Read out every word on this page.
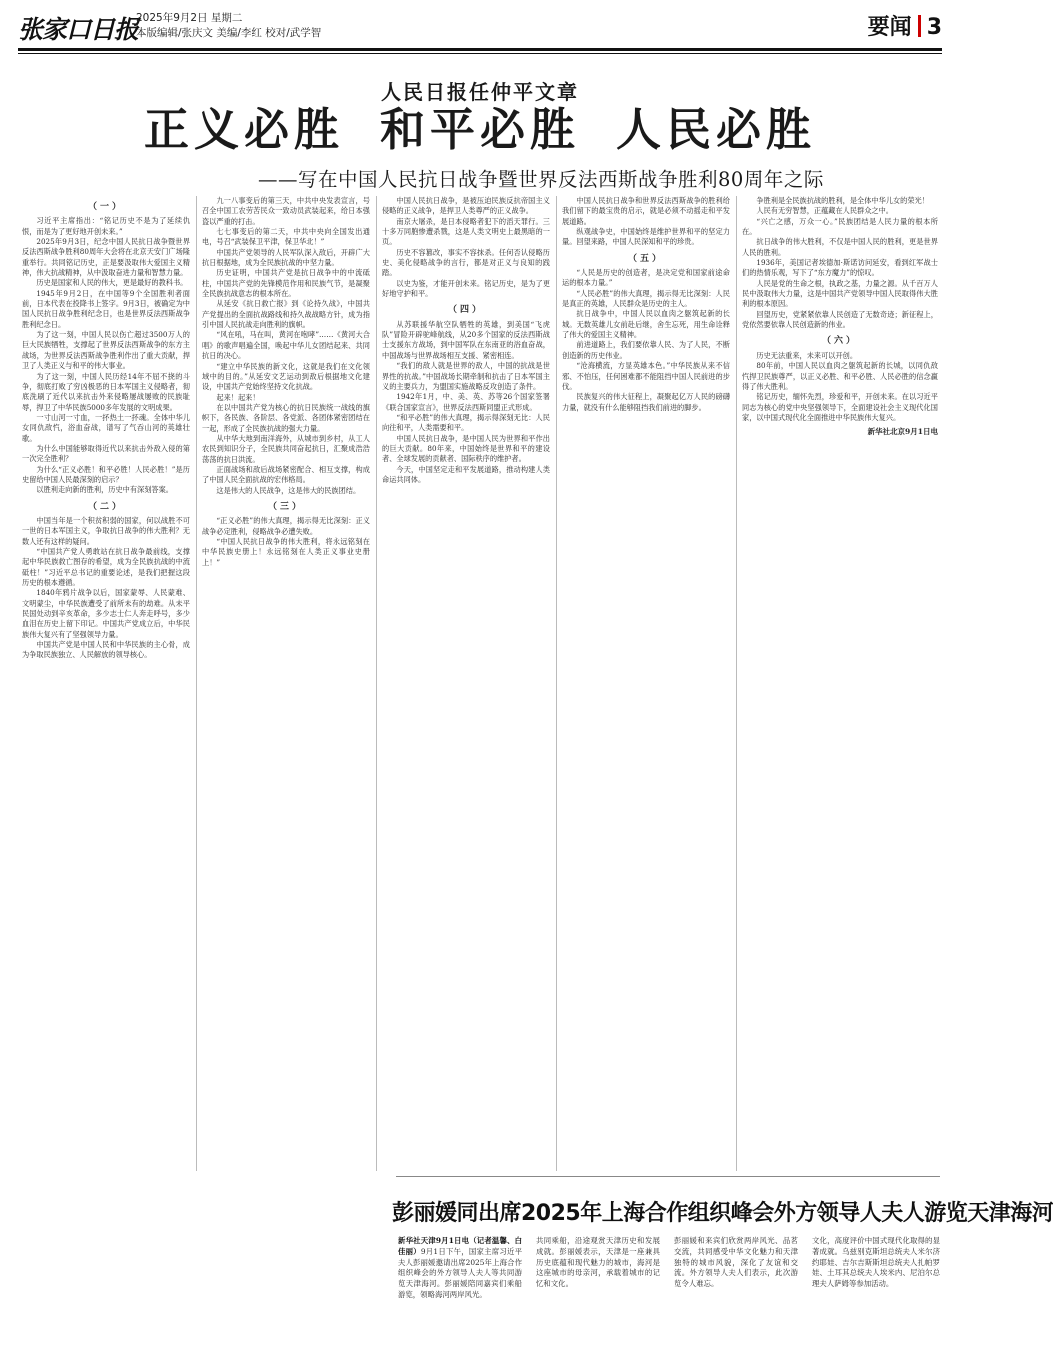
张家口日报
2025年9月2日 星期二
本版编辑/张庆文 美编/李红 校对/武学智	要闻 3
人民日报任仲平文章
正义必胜 和平必胜 人民必胜
——写在中国人民抗日战争暨世界反法西斯战争胜利80周年之际
（一）

习近平主席指出：“铭记历史不是为了延续仇恨，而是为了更好地开创未来。”

2025年9月3日，纪念中国人民抗日战争暨世界反法西斯战争胜利80周年大会将在北京天安门广场隆重举行。共同铭记历史，正是要汲取伟大爱国主义精神，伟大抗战精神，从中汲取奋进力量和智慧力量。

历史是国家和人民的伟大，更是最好的教科书。

1945年9月2日，在中国等9个全国胜利者面前，日本代表在投降书上签字。9月3日，被确定为中国人民抗日战争胜利纪念日，也是世界反法西斯战争胜利纪念日。

为了这一刻，中国人民以伤亡超过3500万人的巨大民族牺牲，支撑起了世界反法西斯战争的东方主战场，为世界反法西斯战争胜利作出了重大贡献，捍卫了人类正义与和平的伟大事业。

为了这一刻，中国人民历经14年不屈不挠的斗争，彻底打败了穷凶极恶的日本军国主义侵略者，彻底洗刷了近代以来抗击外来侵略屡战屡败的民族耻辱，捍卫了中华民族5000多年发展的文明成果。

一寸山河一寸血，一抔热土一抔魂。全体中华儿女同仇敌忾，浴血奋战，谱写了气吞山河的英雄壮歌。

为什么中国能够取得近代以来抗击外敌入侵的第一次完全胜利？

为什么“正义必胜！和平必胜！人民必胜！”是历史留给中国人民最深刻的启示？

以胜利走向新的胜利，历史中有深刻答案。

（二）

中国当年是一个积贫积弱的国家，何以战胜不可一世的日本军国主义，争取抗日战争的伟大胜利？无数人还有这样的疑问。

“中国共产党人勇敢站在抗日战争最前线，支撑起中华民族救亡图存的希望，成为全民族抗战的中流砥柱！”习近平总书记的重要论述，是我们把握这段历史的根本遵循。

1840年鸦片战争以后，国家蒙辱、人民蒙难、文明蒙尘，中华民族遭受了前所未有的劫难。从未平民国处动到辛亥革命，多少志士仁人奔走呼号，多少血泪在历史上留下印记。中国共产党成立后，中华民族伟大复兴有了坚强领导力量。

中国共产党是中国人民和中华民族的主心骨，成为争取民族独立、人民解放的领导核心。

九一八事变后的第三天，中共中央发表宣言，号召全中国工农劳苦民众一致动员武装起来，给日本强盗以严重的打击。

七七事变后的第二天，中共中央向全国发出通电，号召“武装保卫平津，保卫华北！”

中国共产党领导的人民军队深入敌后，开辟广大抗日根据地，成为全民族抗战的中坚力量。

历史证明，中国共产党是抗日战争中的中流砥柱，中国共产党的先锋模范作用和民族气节，是凝聚全民族抗战意志的根本所在。

从延安《抗日救亡报》到《论持久战》，中国共产党提出的全面抗战路线和持久战战略方针，成为指引中国人民抗战走向胜利的旗帜。

“风在吼，马在叫，黄河在咆哮”……《黄河大合唱》的歌声唱遍全国，唤起中华儿女团结起来、共同抗日的决心。

“建立中华民族的新文化，这就是我们在文化领域中的目的。”从延安文艺运动到敌后根据地文化建设，中国共产党始终坚持文化抗战。

起来！起来！

在以中国共产党为核心的抗日民族统一战线的旗帜下，各民族、各阶层、各党派、各团体紧密团结在一起，形成了全民族抗战的强大力量。

从中华大地到南洋海外，从城市到乡村，从工人农民到知识分子，全民族共同奋起抗日，汇聚成浩浩荡荡的抗日洪流。

正面战场和敌后战场紧密配合、相互支撑，构成了中国人民全面抗战的宏伟格局。

这是伟大的人民战争，这是伟大的民族团结。

（三）

“正义必胜”的伟大真理，揭示得无比深刻：正义战争必定胜利，侵略战争必遭失败。

“中国人民抗日战争的伟大胜利，将永远铭刻在中华民族史册上！永远铭刻在人类正义事业史册上！”

中国人民抗日战争，是被压迫民族反抗帝国主义侵略的正义战争，是捍卫人类尊严的正义战争。

南京大屠杀，是日本侵略者犯下的滔天罪行。三十多万同胞惨遭杀戮，这是人类文明史上最黑暗的一页。

历史不容篡改，事实不容抹杀。任何否认侵略历史、美化侵略战争的言行，都是对正义与良知的践踏。

以史为鉴，才能开创未来。铭记历史，是为了更好地守护和平。

（四）

从苏联援华航空队牺牲的英雄，到美国“飞虎队”冒险开辟驼峰航线，从20多个国家的反法西斯战士支援东方战场，到中国军队在东南亚的浴血奋战，中国战场与世界战场相互支援、紧密相连。

“我们的敌人就是世界的敌人，中国的抗战是世界性的抗战。”中国战场长期牵制和抗击了日本军国主义的主要兵力，为盟国实施战略反攻创造了条件。

1942年1月，中、美、英、苏等26个国家签署《联合国家宣言》，世界反法西斯同盟正式形成。

“和平必胜”的伟大真理，揭示得深刻无比：人民向往和平，人类需要和平。

中国人民抗日战争，是中国人民为世界和平作出的巨大贡献。80年来，中国始终是世界和平的建设者、全球发展的贡献者、国际秩序的维护者。

今天，中国坚定走和平发展道路，推动构建人类命运共同体。

中国人民抗日战争和世界反法西斯战争的胜利给我们留下的最宝贵的启示，就是必须不动摇走和平发展道路。

纵观战争史，中国始终是维护世界和平的坚定力量。回望来路，中国人民深知和平的珍贵。

（五）

“人民是历史的创造者，是决定党和国家前途命运的根本力量。”

“人民必胜”的伟大真理，揭示得无比深刻：人民是真正的英雄，人民群众是历史的主人。

抗日战争中，中国人民以血肉之躯筑起新的长城。无数英雄儿女前赴后继，舍生忘死，用生命诠释了伟大的爱国主义精神。

前进道路上，我们要依靠人民、为了人民，不断创造新的历史伟业。

“沧海横流，方显英雄本色。”中华民族从来不信邪、不怕压，任何困难都不能阻挡中国人民前进的步伐。

民族复兴的伟大征程上，凝聚起亿万人民的磅礴力量，就没有什么能够阻挡我们前进的脚步。

争胜利是全民族抗战的胜利，是全体中华儿女的荣光！

人民有无穷智慧，正蕴藏在人民群众之中。

“兴亡之感，万众一心。”民族团结是人民力量的根本所在。

抗日战争的伟大胜利，不仅是中国人民的胜利，更是世界人民的胜利。

1936年，美国记者埃德加·斯诺访问延安，看到红军战士们的热情乐观，写下了“东方魔力”的惊叹。

人民是党的生命之根，执政之基，力量之源。从千百万人民中汲取伟大力量，这是中国共产党领导中国人民取得伟大胜利的根本原因。

回望历史，党紧紧依靠人民创造了无数奇迹；新征程上，党依然要依靠人民创造新的伟业。

（六）

历史无法重来，未来可以开创。

80年前，中国人民以血肉之躯筑起新的长城，以同仇敌忾捍卫民族尊严，以正义必胜、和平必胜、人民必胜的信念赢得了伟大胜利。

铭记历史，缅怀先烈，珍爱和平，开创未来。在以习近平同志为核心的党中央坚强领导下，全面建设社会主义现代化国家，以中国式现代化全面推进中华民族伟大复兴。

新华社北京9月1日电
彭丽媛同出席2025年上海合作组织峰会外方领导人夫人游览天津海河
新华社天津9月1日电（记者温馨、白佳丽）9月1日下午，国家主席习近平夫人彭丽媛邀请出席2025年上海合作组织峰会的外方领导人夫人等共同游览天津海河。彭丽媛陪同嘉宾们乘船游览，领略海河两岸风光。
共同乘船，沿途观赏天津历史和发展成就。彭丽媛表示，天津是一座兼具历史底蕴和现代魅力的城市，海河是这座城市的母亲河，承载着城市的记忆和文化。
彭丽媛和来宾们欣赏两岸风光、品茗交流，共同感受中华文化魅力和天津独特的城市风貌，深化了友谊和交流。外方领导人夫人们表示，此次游览令人难忘。
文化，高度评价中国式现代化取得的显著成就。乌兹别克斯坦总统夫人米尔济约耶娃、吉尔吉斯斯坦总统夫人扎帕罗娃、土耳其总统夫人埃米内、尼泊尔总理夫人萨姆等参加活动。
